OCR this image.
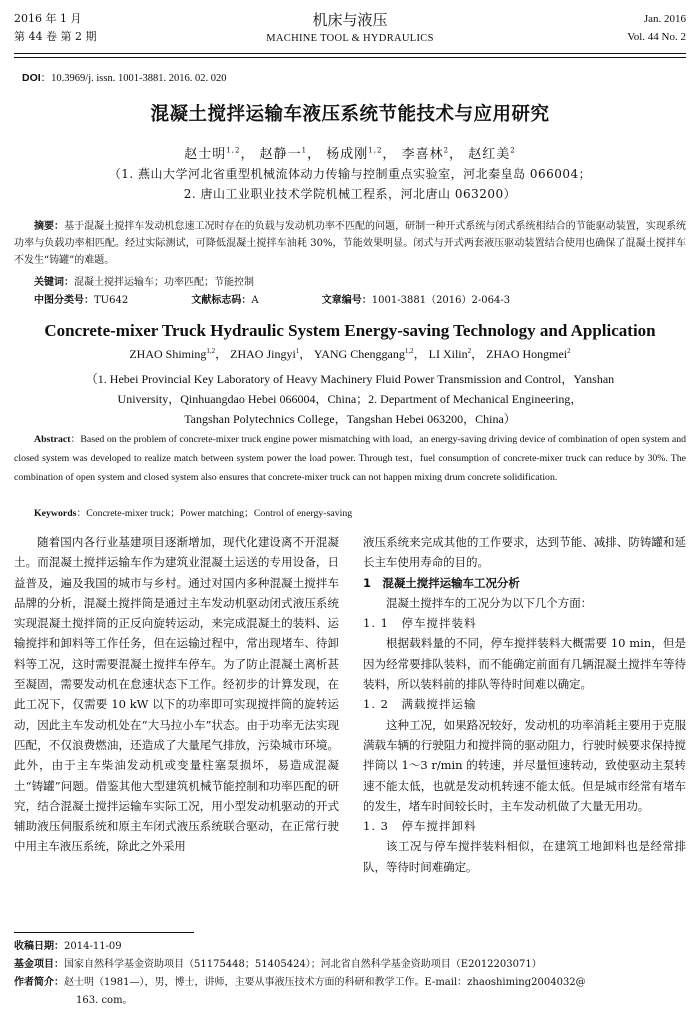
2016 年 1 月
第 44 卷 第 2 期
机床与液压
MACHINE TOOL & HYDRAULICS
Jan. 2016
Vol. 44 No. 2
DOI：10.3969/j. issn. 1001-3881. 2016. 02. 020
混凝土搅拌运输车液压系统节能技术与应用研究
赵士明$^{1,2}$， 赵静一$^1$， 杨成刚$^{1,2}$， 李喜林$^2$， 赵红美$^2$
（1. 燕山大学河北省重型机械流体动力传输与控制重点实验室，河北秦皇岛 066004；
2. 唐山工业职业技术学院机械工程系，河北唐山 063200）
摘要：基于混凝土搅拌车发动机怠速工况时存在的负载与发动机功率不匹配的问题，研制一种开式系统与闭式系统相结合的节能驱动装置，实现系统功率与负载功率相匹配。经过实际测试，可降低混凝土搅拌车油耗 30%，节能效果明显。闭式与开式两套液压驱动装置结合使用也确保了混凝土搅拌车不发生“铸罐”的难题。
关键词：混凝土搅拌运输车；功率匹配；节能控制
中图分类号：TU642	文献标志码：A	文章编号：1001-3881（2016）2-064-3
Concrete-mixer Truck Hydraulic System Energy-saving Technology and Application
ZHAO Shiming$^{1,2}$， ZHAO Jingyi$^1$， YANG Chenggang$^{1,2}$， LI Xilin$^2$， ZHAO Hongmei$^2$
（1. Hebei Provincial Key Laboratory of Heavy Machinery Fluid Power Transmission and Control，Yanshan
University，Qinhuangdao Hebei 066004，China；2. Department of Mechanical Engineering，
Tangshan Polytechnics College，Tangshan Hebei 063200，China）
Abstract：Based on the problem of concrete-mixer truck engine power mismatching with load，an energy-saving driving device of combination of open system and closed system was developed to realize match between system power the load power. Through test，fuel consumption of concrete-mixer truck can reduce by 30%. The combination of open system and closed system also ensures that concrete-mixer truck can not happen mixing drum concrete solidification.
Keywords：Concrete-mixer truck；Power matching；Control of energy-saving

随着国内各行业基建项目逐渐增加，现代化建设离不开混凝土。而混凝土搅拌运输车作为建筑业混凝土运送的专用设备，日益普及，遍及我国的城市与乡村。通过对国内多种混凝土搅拌车品牌的分析，混凝土搅拌筒是通过主车发动机驱动闭式液压系统实现混凝土搅拌筒的正反向旋转运动，来完成混凝土的装料、运输搅拌和卸料等工作任务，但在运输过程中，常出现堵车、待卸料等工况，这时需要混凝土搅拌车停车。为了防止混凝土离析甚至凝固，需要发动机在怠速状态下工作。经初步的计算发现，在此工况下，仅需要 10 kW 以下的功率即可实现搅拌筒的旋转运动，因此主车发动机处在“大马拉小车”状态。由于功率无法实现匹配，不仅浪费燃油，还造成了大量尾气排放，污染城市环境。此外，由于主车柴油发动机或变量柱塞泵损坏，易造成混凝土“铸罐”问题。借鉴其他大型建筑机械节能控制和功率匹配的研究，结合混凝土搅拌运输车实际工况，用小型发动机驱动的开式辅助液压伺服系统和原主车闭式液压系统联合驱动，在正常行驶中用主车液压系统，除此之外采用

液压系统来完成其他的工作要求，达到节能、减排、防铸罐和延长主车使用寿命的目的。

1　混凝土搅拌运输车工况分析

混凝土搅拌车的工况分为以下几个方面：

1. 1　停车搅拌装料

根据载料量的不同，停车搅拌装料大概需要 10 min，但是因为经常要排队装料，而不能确定前面有几辆混凝土搅拌车等待装料，所以装料前的排队等待时间难以确定。

1. 2　满载搅拌运输

这种工况，如果路况较好，发动机的功率消耗主要用于克服满载车辆的行驶阻力和搅拌筒的驱动阻力，行驶时候要求保持搅拌筒以 1～3 r/min 的转速，并尽量恒速转动，致使驱动主泵转速不能太低，也就是发动机转速不能太低。但是城市经常有堵车的发生，堵车时间较长时，主车发动机做了大量无用功。

1. 3　停车搅拌卸料

该工况与停车搅拌装料相似，在建筑工地卸料也是经常排队，等待时间难确定。

收稿日期： 2014-11-09
基金项目： 国家自然科学基金资助项目（51175448；51405424）；河北省自然科学基金资助项目（E2012203071）
作者简介： 赵士明（1981—），男，博士，讲师，主要从事液压技术方面的科研和教学工作。E-mail：zhaoshiming2004032@
163. com。
